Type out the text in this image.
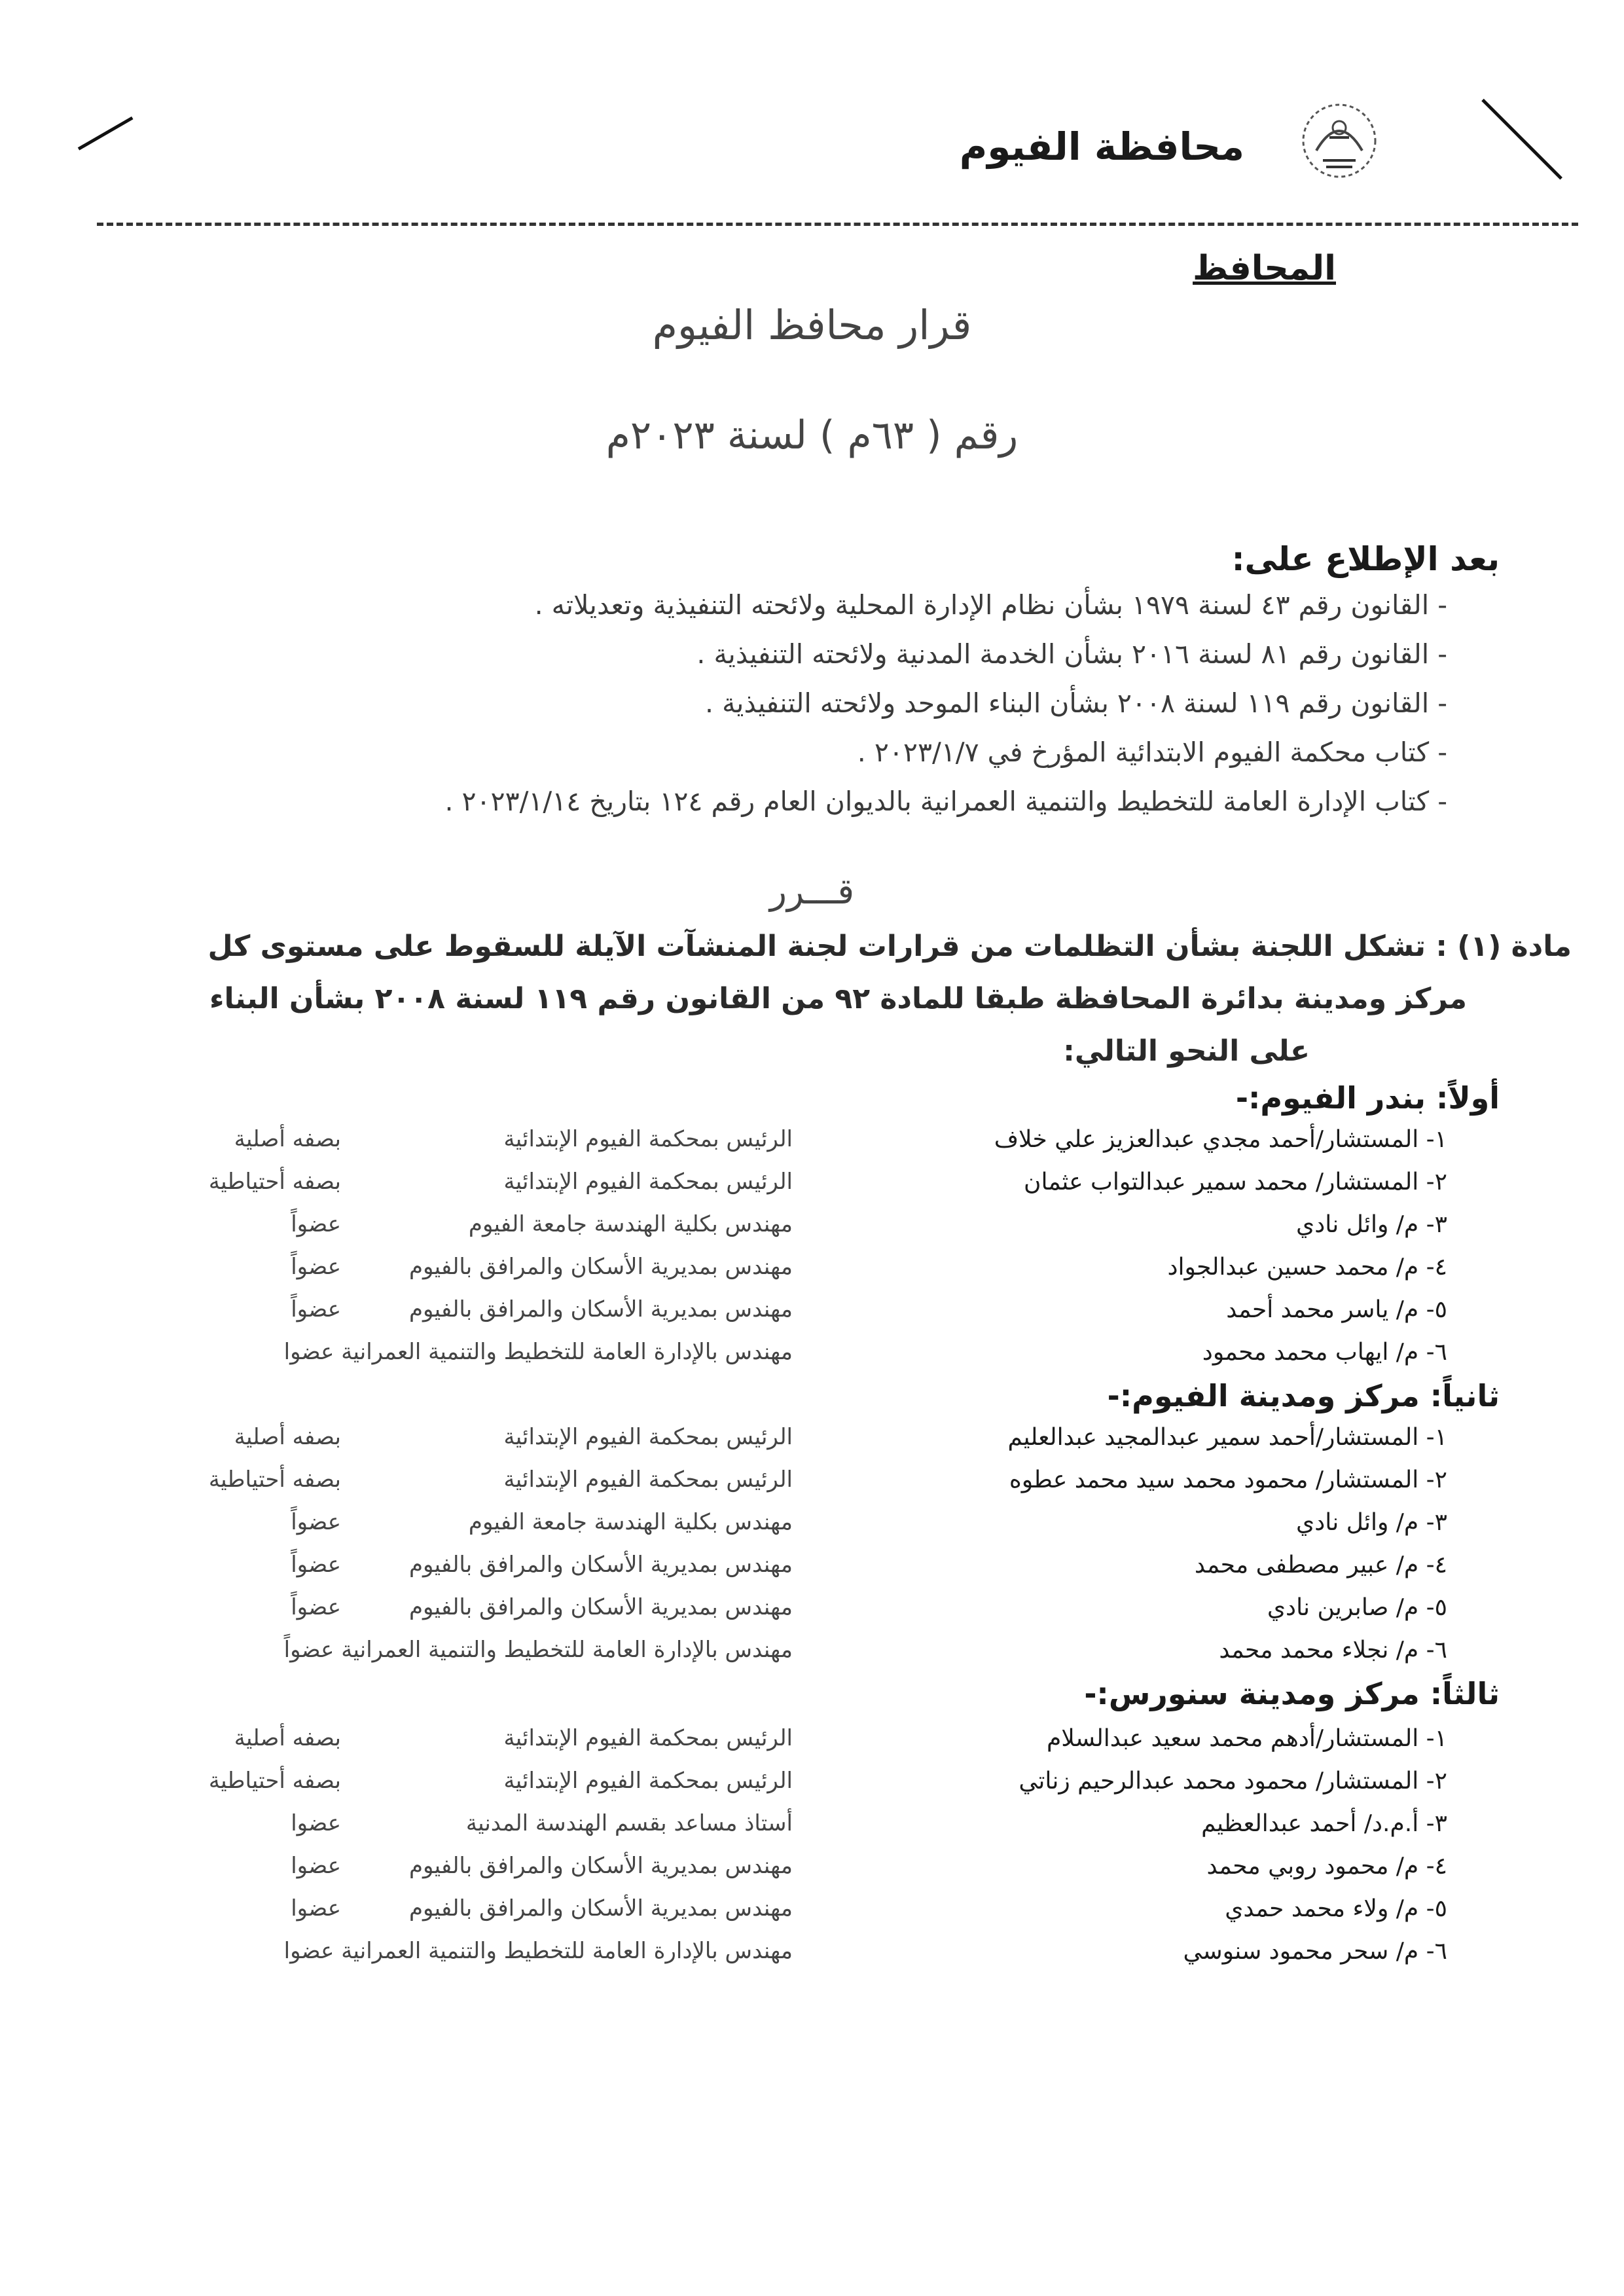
محافظة الفيوم
المحافظ
قرار محافظ الفيوم
رقم ( ٦٣م ) لسنة ٢٠٢٣م
بعد الإطلاع على:
- القانون رقم ٤٣ لسنة ١٩٧٩ بشأن نظام الإدارة المحلية ولائحته التنفيذية وتعديلاته .
- القانون رقم ٨١ لسنة ٢٠١٦ بشأن الخدمة المدنية ولائحته التنفيذية .
- القانون رقم ١١٩ لسنة ٢٠٠٨ بشأن البناء الموحد ولائحته التنفيذية .
- كتاب محكمة الفيوم الابتدائية المؤرخ في ٢٠٢٣/١/٧ .
- كتاب الإدارة العامة للتخطيط والتنمية العمرانية بالديوان العام رقم ١٢٤ بتاريخ ٢٠٢٣/١/١٤ .
قـــرر
مادة (١) : تشكل اللجنة بشأن التظلمات من قرارات لجنة المنشآت الآيلة للسقوط على مستوى كل
مركز ومدينة بدائرة المحافظة طبقا للمادة ٩٢ من القانون رقم ١١٩ لسنة ٢٠٠٨ بشأن البناء
على النحو التالي:
أولاً: بندر الفيوم:-
١- المستشار/أحمد مجدي عبدالعزيز علي خلاف
الرئيس بمحكمة الفيوم الإبتدائية
بصفه أصلية
٢- المستشار/ محمد سمير عبدالتواب عثمان
الرئيس بمحكمة الفيوم الإبتدائية
بصفه أحتياطية
٣- م/ وائل نادي
مهندس بكلية الهندسة جامعة الفيوم
عضواً
٤- م/ محمد حسين عبدالجواد
مهندس بمديرية الأسكان والمرافق بالفيوم
عضواً
٥- م/ ياسر محمد أحمد
مهندس بمديرية الأسكان والمرافق بالفيوم
عضواً
٦- م/ ايهاب محمد محمود
مهندس بالإدارة العامة للتخطيط والتنمية العمرانية عضوا
ثانياً: مركز ومدينة الفيوم:-
١- المستشار/أحمد سمير عبدالمجيد عبدالعليم
الرئيس بمحكمة الفيوم الإبتدائية
بصفه أصلية
٢- المستشار/ محمود محمد سيد محمد عطوه
الرئيس بمحكمة الفيوم الإبتدائية
بصفه أحتياطية
٣- م/ وائل نادي
مهندس بكلية الهندسة جامعة الفيوم
عضواً
٤- م/ عبير مصطفى محمد
مهندس بمديرية الأسكان والمرافق بالفيوم
عضواً
٥- م/ صابرين نادي
مهندس بمديرية الأسكان والمرافق بالفيوم
عضواً
٦- م/ نجلاء محمد محمد
مهندس بالإدارة العامة للتخطيط والتنمية العمرانية عضواً
ثالثاً: مركز ومدينة سنورس:-
١- المستشار/أدهم محمد سعيد عبدالسلام
الرئيس بمحكمة الفيوم الإبتدائية
بصفه أصلية
٢- المستشار/ محمود محمد عبدالرحيم زناتي
الرئيس بمحكمة الفيوم الإبتدائية
بصفه أحتياطية
٣- أ.م.د/ أحمد عبدالعظيم
أستاذ مساعد بقسم الهندسة المدنية
عضوا
٤- م/ محمود روبي محمد
مهندس بمديرية الأسكان والمرافق بالفيوم
عضوا
٥- م/ ولاء محمد حمدي
مهندس بمديرية الأسكان والمرافق بالفيوم
عضوا
٦- م/ سحر محمود سنوسي
مهندس بالإدارة العامة للتخطيط والتنمية العمرانية عضوا
